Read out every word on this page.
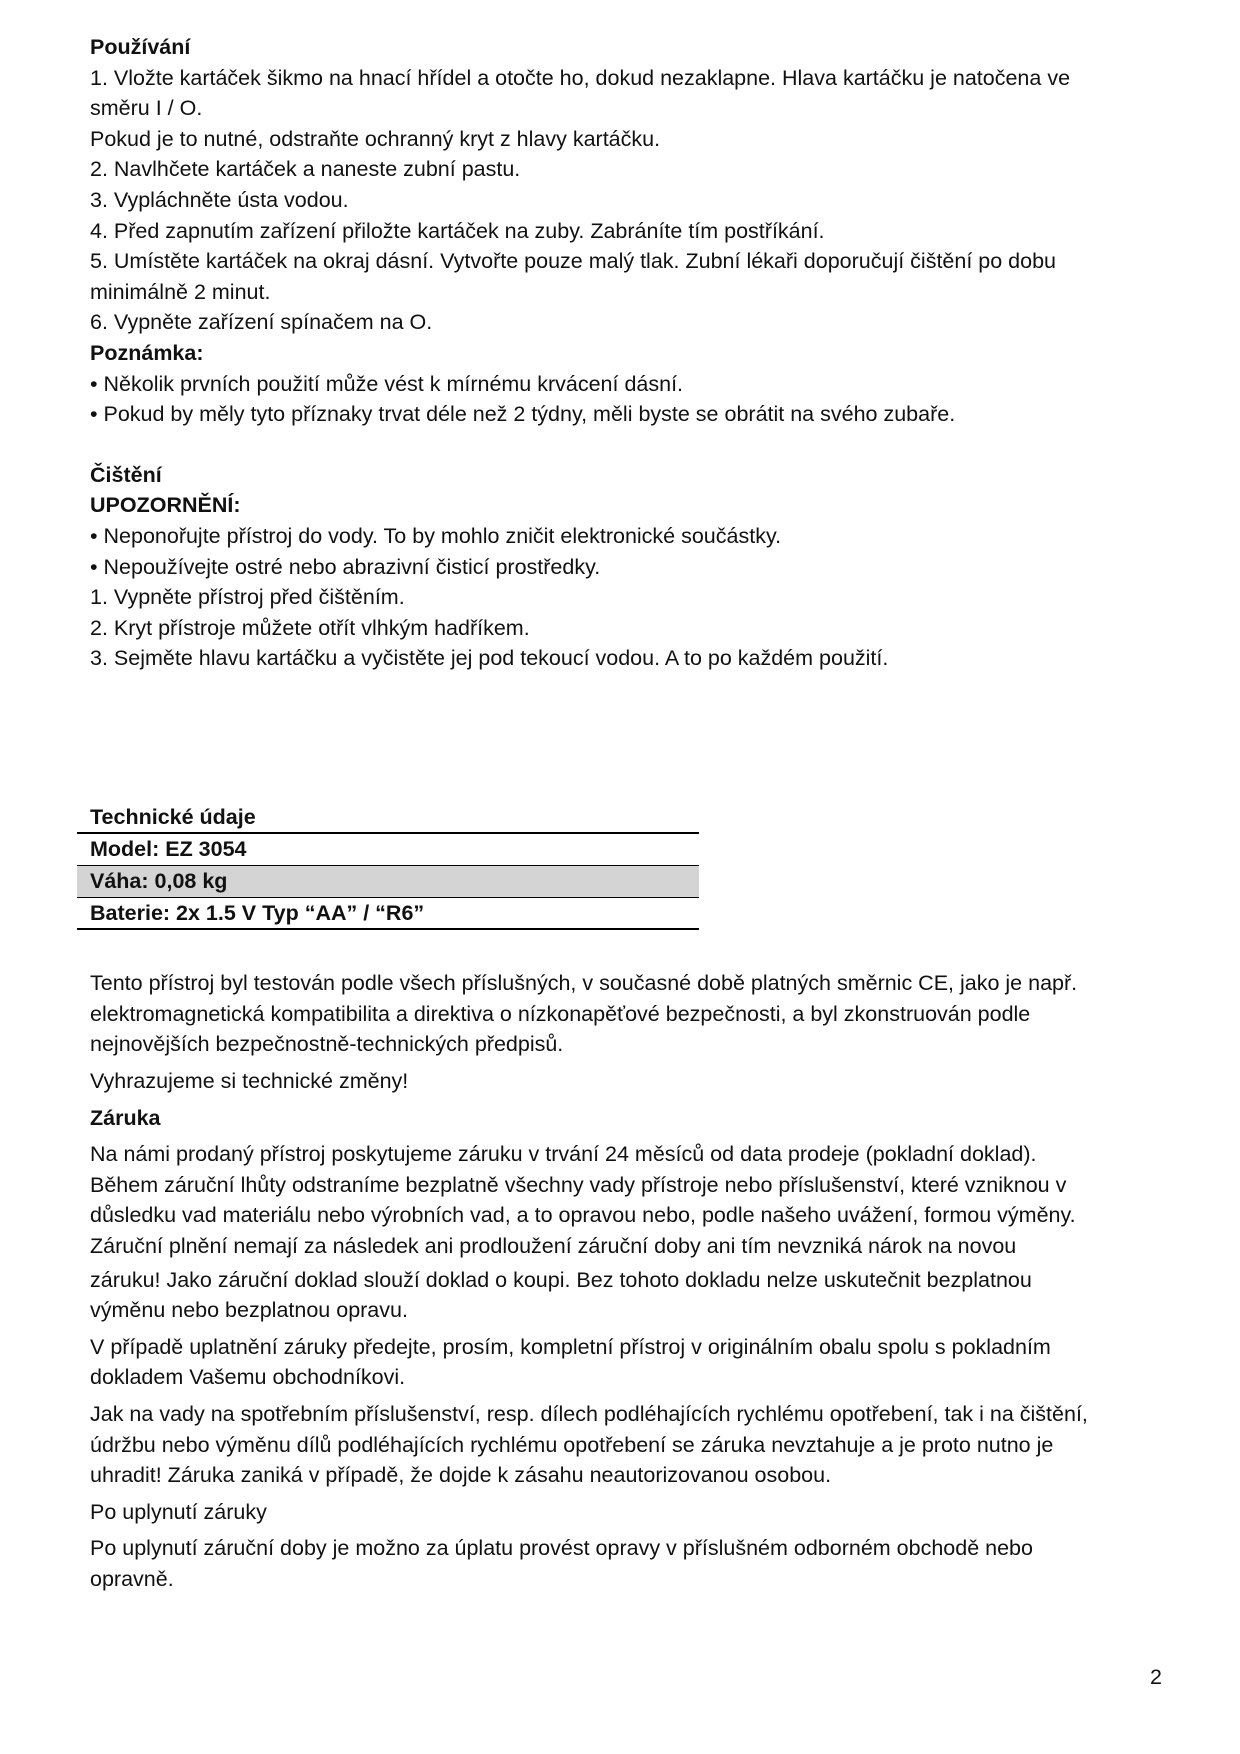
Používání
1. Vložte kartáček šikmo na hnací hřídel a otočte ho, dokud nezaklapne. Hlava kartáčku je natočena ve
směru I / O.
Pokud je to nutné, odstraňte ochranný kryt z hlavy kartáčku.
2. Navlhčete kartáček a naneste zubní pastu.
3. Vypláchněte ústa vodou.
4. Před zapnutím zařízení přiložte kartáček na zuby. Zabráníte tím postříkání.
5. Umístěte kartáček na okraj dásní. Vytvořte pouze malý tlak. Zubní lékaři doporučují čištění po dobu
minimálně 2 minut.
6. Vypněte zařízení spínačem na O.
Poznámka:
• Několik prvních použití může vést k mírnému krvácení dásní.
• Pokud by měly tyto příznaky trvat déle než 2 týdny, měli byste se obrátit na svého zubaře.
Čištění
UPOZORNĚNÍ:
• Neponořujte přístroj do vody. To by mohlo zničit elektronické součástky.
• Nepoužívejte ostré nebo abrazivní čisticí prostředky.
1. Vypněte přístroj před čištěním.
2. Kryt přístroje můžete otřít vlhkým hadříkem.
3. Sejměte hlavu kartáčku a vyčistěte jej pod tekoucí vodou. A to po každém použití.
Technické údaje
Model: EZ 3054
Váha: 0,08 kg
Baterie: 2x 1.5 V Typ “AA” / “R6”
Tento přístroj byl testován podle všech příslušných, v současné době platných směrnic CE, jako je např.
elektromagnetická kompatibilita a direktiva o nízkonapěťové bezpečnosti, a byl zkonstruován podle
nejnovějších bezpečnostně-technických předpisů.
Vyhrazujeme si technické změny!
Záruka
Na námi prodaný přístroj poskytujeme záruku v trvání 24 měsíců od data prodeje (pokladní doklad).
Během záruční lhůty odstraníme bezplatně všechny vady přístroje nebo příslušenství, které vzniknou v
důsledku vad materiálu nebo výrobních vad, a to opravou nebo, podle našeho uvážení, formou výměny.
Záruční plnění nemají za následek ani prodloužení záruční doby ani tím nevzniká nárok na novou
záruku! Jako záruční doklad slouží doklad o koupi. Bez tohoto dokladu nelze uskutečnit bezplatnou
výměnu nebo bezplatnou opravu.
V případě uplatnění záruky předejte, prosím, kompletní přístroj v originálním obalu spolu s pokladním
dokladem Vašemu obchodníkovi.
Jak na vady na spotřebním příslušenství, resp. dílech podléhajících rychlému opotřebení, tak i na čištění,
údržbu nebo výměnu dílů podléhajících rychlému opotřebení se záruka nevztahuje a je proto nutno je
uhradit! Záruka zaniká v případě, že dojde k zásahu neautorizovanou osobou.
Po uplynutí záruky
Po uplynutí záruční doby je možno za úplatu provést opravy v příslušném odborném obchodě nebo
opravně.
2
